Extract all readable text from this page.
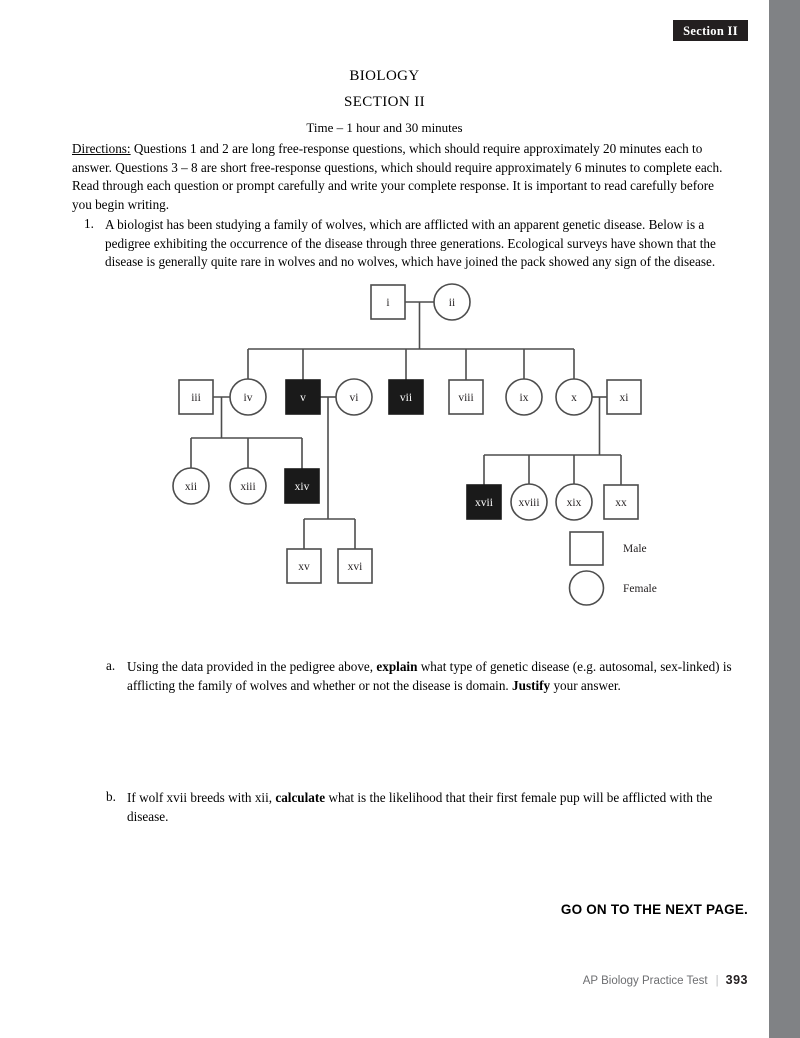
Section II
BIOLOGY
SECTION II
Time – 1 hour and 30 minutes
Directions: Questions 1 and 2 are long free-response questions, which should require approximately 20 minutes each to answer. Questions 3 – 8 are short free-response questions, which should require approximately 6 minutes to complete each. Read through each question or prompt carefully and write your complete response. It is important to read carefully before you begin writing.
1. A biologist has been studying a family of wolves, which are afflicted with an apparent genetic disease. Below is a pedigree exhibiting the occurrence of the disease through three generations. Ecological surveys have shown that the disease is generally quite rare in wolves and no wolves, which have joined the pack showed any sign of the disease.
i	ii
iii	iv	v	vi	vii	viii	ix	x	xi
xii	xiii	xiv
xvii xviii xix	xx
xv	xvi
Male
Female
a. Using the data provided in the pedigree above, explain what type of genetic disease (e.g. autosomal, sex-linked) is afflicting the family of wolves and whether or not the disease is domain. Justify your answer.
b. If wolf xvii breeds with xii, calculate what is the likelihood that their first female pup will be afflicted with the disease.
GO ON TO THE NEXT PAGE.
AP Biology Practice Test | 393
